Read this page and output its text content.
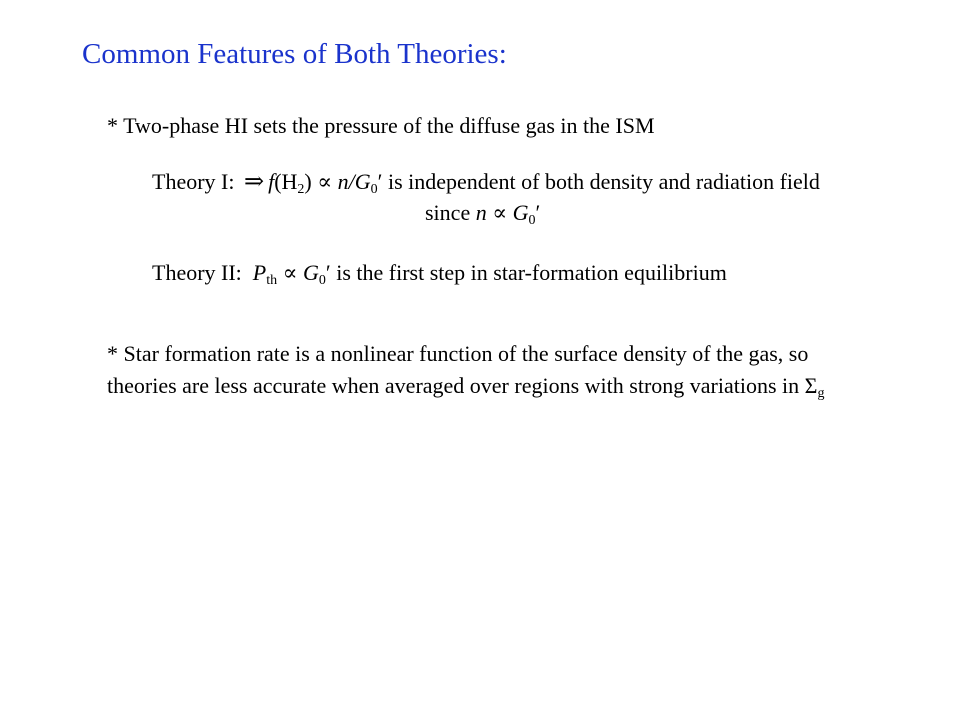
Common Features of Both Theories:
* Two-phase HI sets the pressure of the diffuse gas in the ISM
Theory I: ⇒ $f(H_2) \propto n/G_0'$ is independent of both density and radiation field
since $n \propto G_0'$
Theory II: $P_{th} \propto G_0'$ is the first step in star-formation equilibrium
* Star formation rate is a nonlinear function of the surface density of the gas, so
theories are less accurate when averaged over regions with strong variations in $\Sigma_g$
